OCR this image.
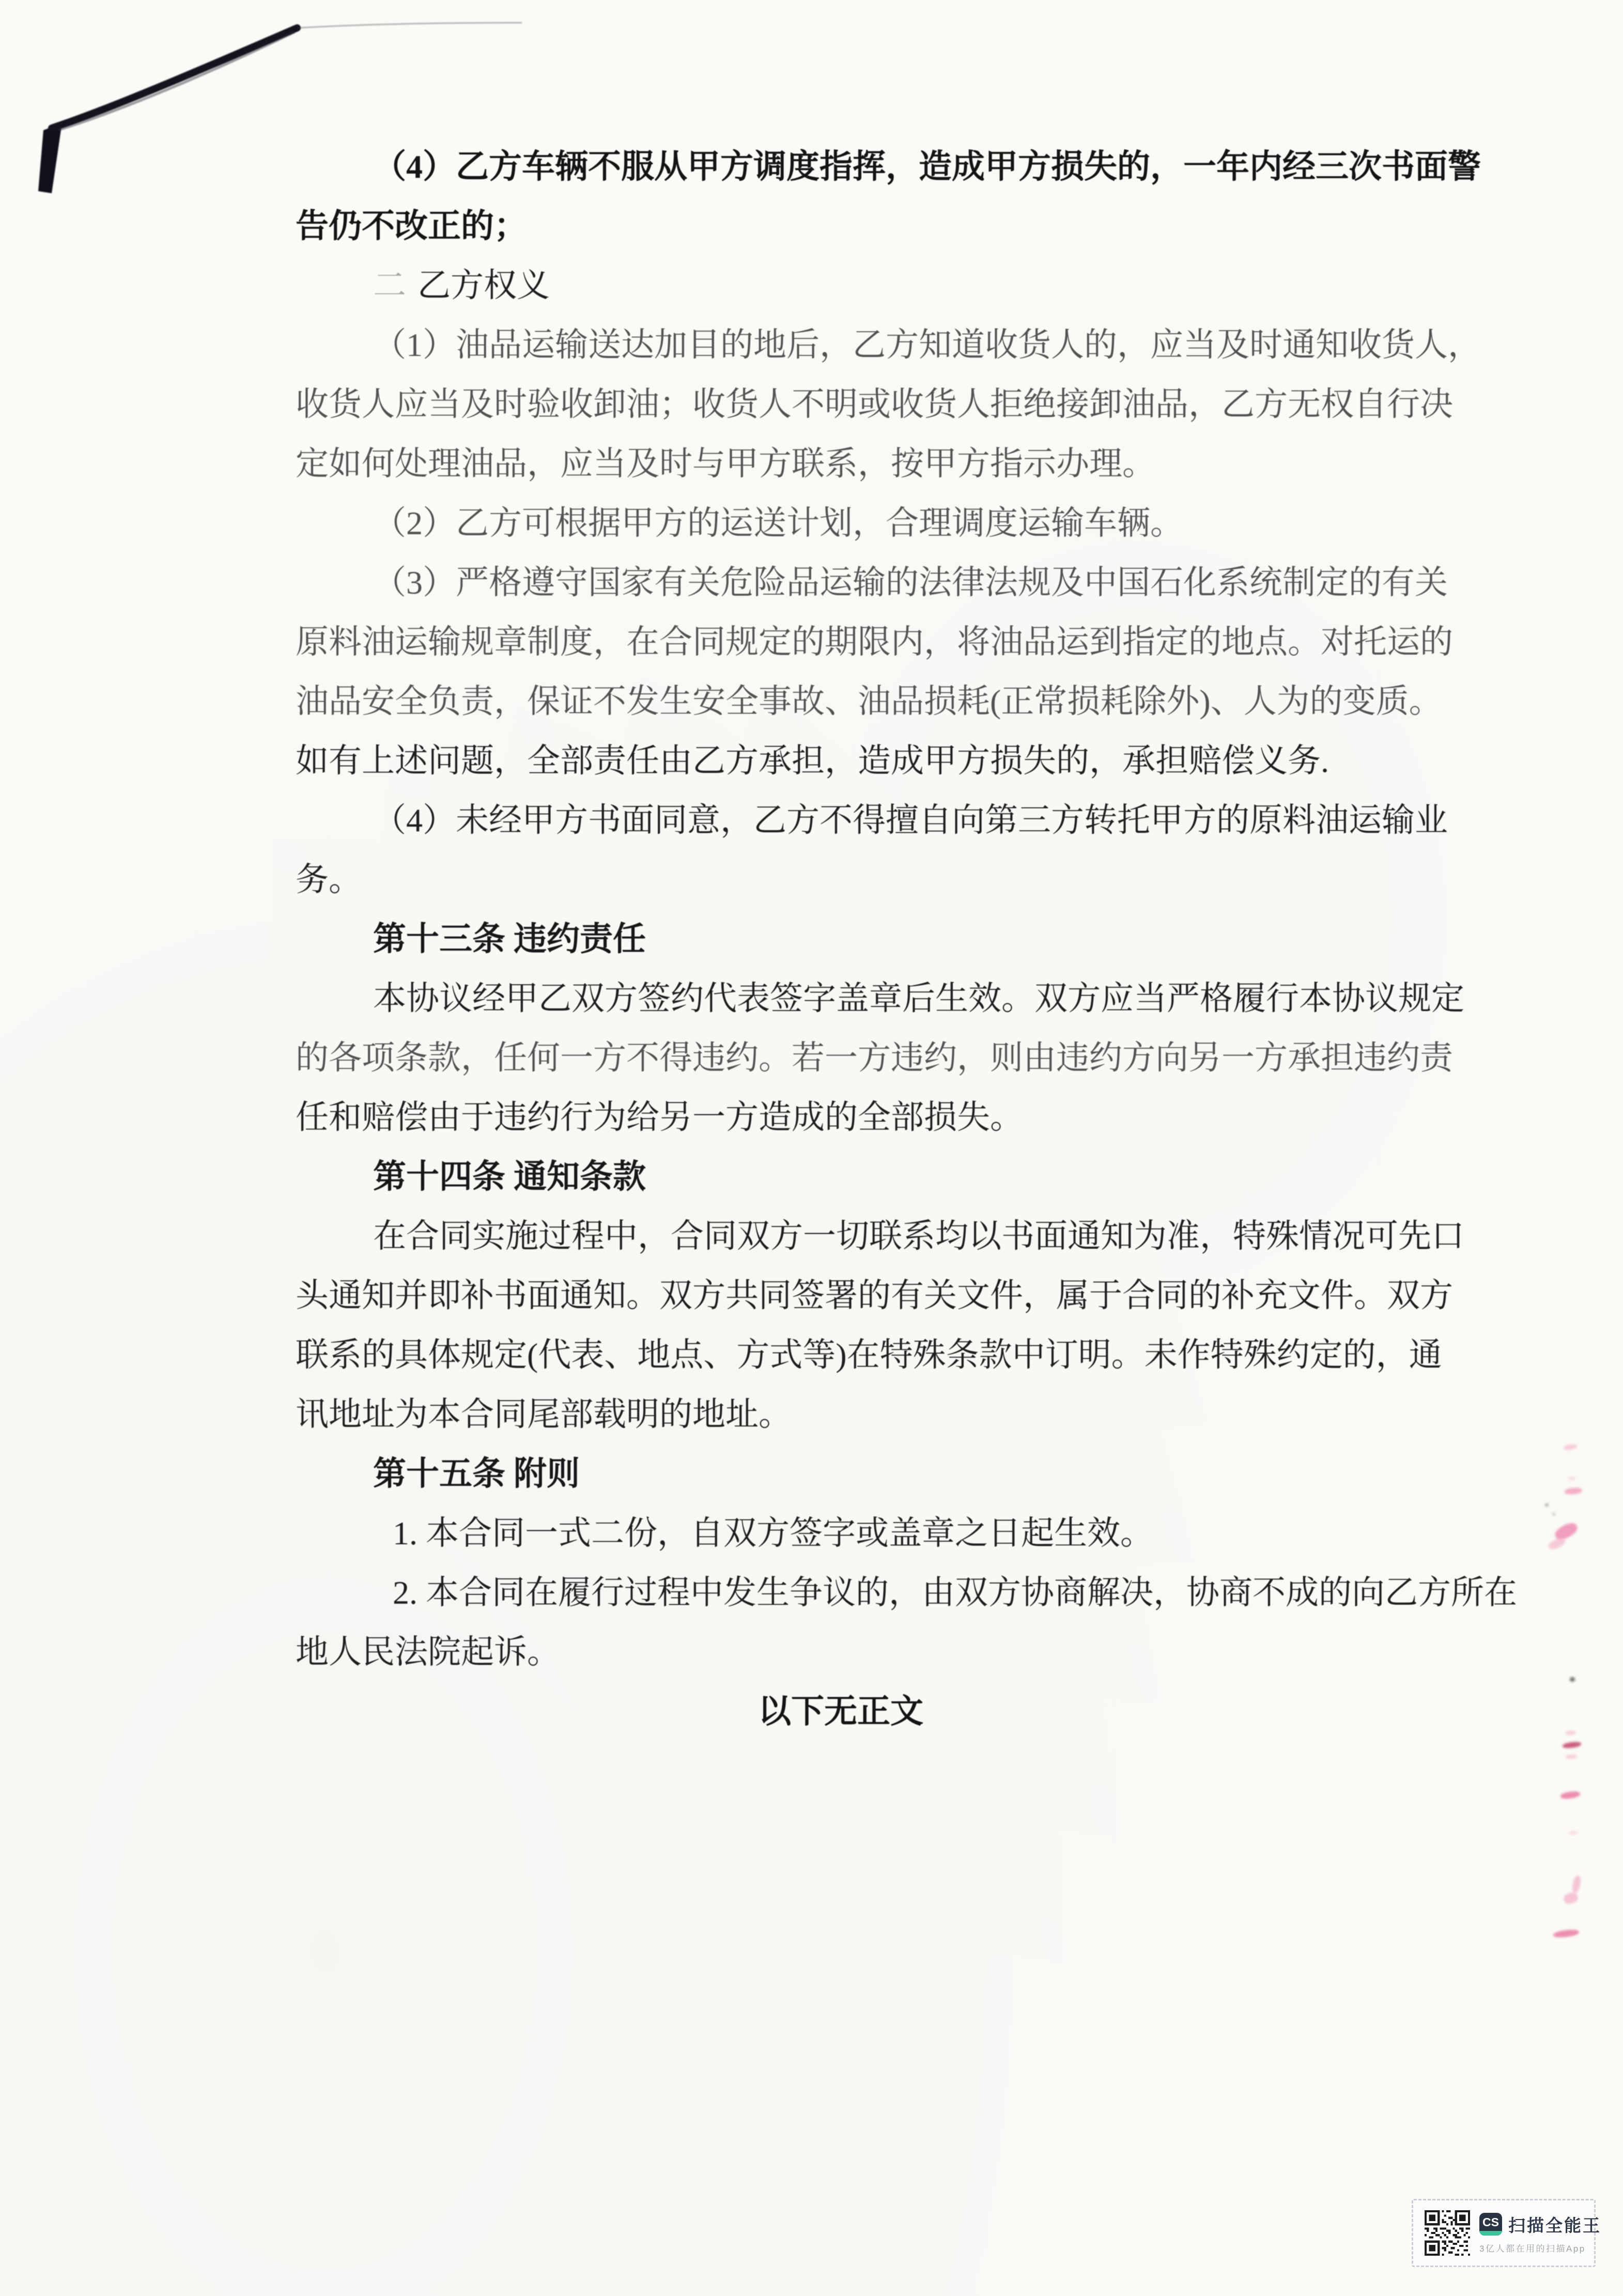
（4）乙方车辆不服从甲方调度指挥，造成甲方损失的，一年内经三次书面警
告仍不改正的；
二 乙方权义
（1）油品运输送达加目的地后，乙方知道收货人的，应当及时通知收货人，
收货人应当及时验收卸油；收货人不明或收货人拒绝接卸油品，乙方无权自行决
定如何处理油品，应当及时与甲方联系，按甲方指示办理。
（2）乙方可根据甲方的运送计划，合理调度运输车辆。
（3）严格遵守国家有关危险品运输的法律法规及中国石化系统制定的有关
原料油运输规章制度，在合同规定的期限内，将油品运到指定的地点。对托运的
油品安全负责，保证不发生安全事故、油品损耗(正常损耗除外)、人为的变质。
如有上述问题，全部责任由乙方承担，造成甲方损失的，承担赔偿义务.
（4）未经甲方书面同意，乙方不得擅自向第三方转托甲方的原料油运输业
务。
第十三条 违约责任
本协议经甲乙双方签约代表签字盖章后生效。双方应当严格履行本协议规定
的各项条款，任何一方不得违约。若一方违约，则由违约方向另一方承担违约责
任和赔偿由于违约行为给另一方造成的全部损失。
第十四条 通知条款
在合同实施过程中，合同双方一切联系均以书面通知为准，特殊情况可先口
头通知并即补书面通知。双方共同签署的有关文件，属于合同的补充文件。双方
联系的具体规定(代表、地点、方式等)在特殊条款中订明。未作特殊约定的，通
讯地址为本合同尾部载明的地址。
第十五条 附则
1. 本合同一式二份，自双方签字或盖章之日起生效。
2. 本合同在履行过程中发生争议的，由双方协商解决，协商不成的向乙方所在
地人民法院起诉。
以下无正文
CS 扫描全能王
3亿人都在用的扫描App
